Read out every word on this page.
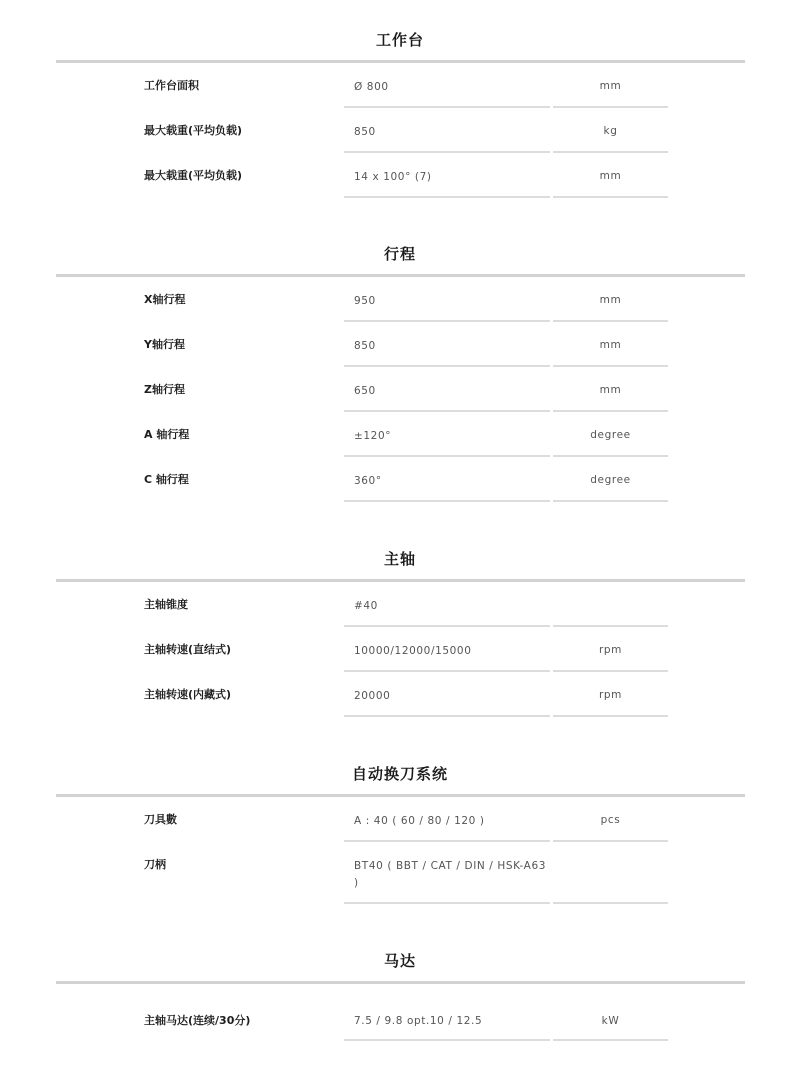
工作台
工作台面积	Ø 800	mm
最大载重(平均负载)	850	kg
最大载重(平均负载)	14 x 100° (7)	mm
行程
X轴行程	950	mm
Y轴行程	850	mm
Z轴行程	650	mm
A 轴行程	±120°	degree
C 轴行程	360°	degree
主轴
主轴锥度	#40
主轴转速(直结式)	10000/12000/15000	rpm
主轴转速(内藏式)	20000	rpm
自动换刀系统
刀具數	A : 40 ( 60 / 80 / 120 )	pcs
刀柄	BT40 ( BBT / CAT / DIN / HSK-A63 )
马达
主轴马达(连续/30分)	7.5 / 9.8 opt.10 / 12.5	kW
